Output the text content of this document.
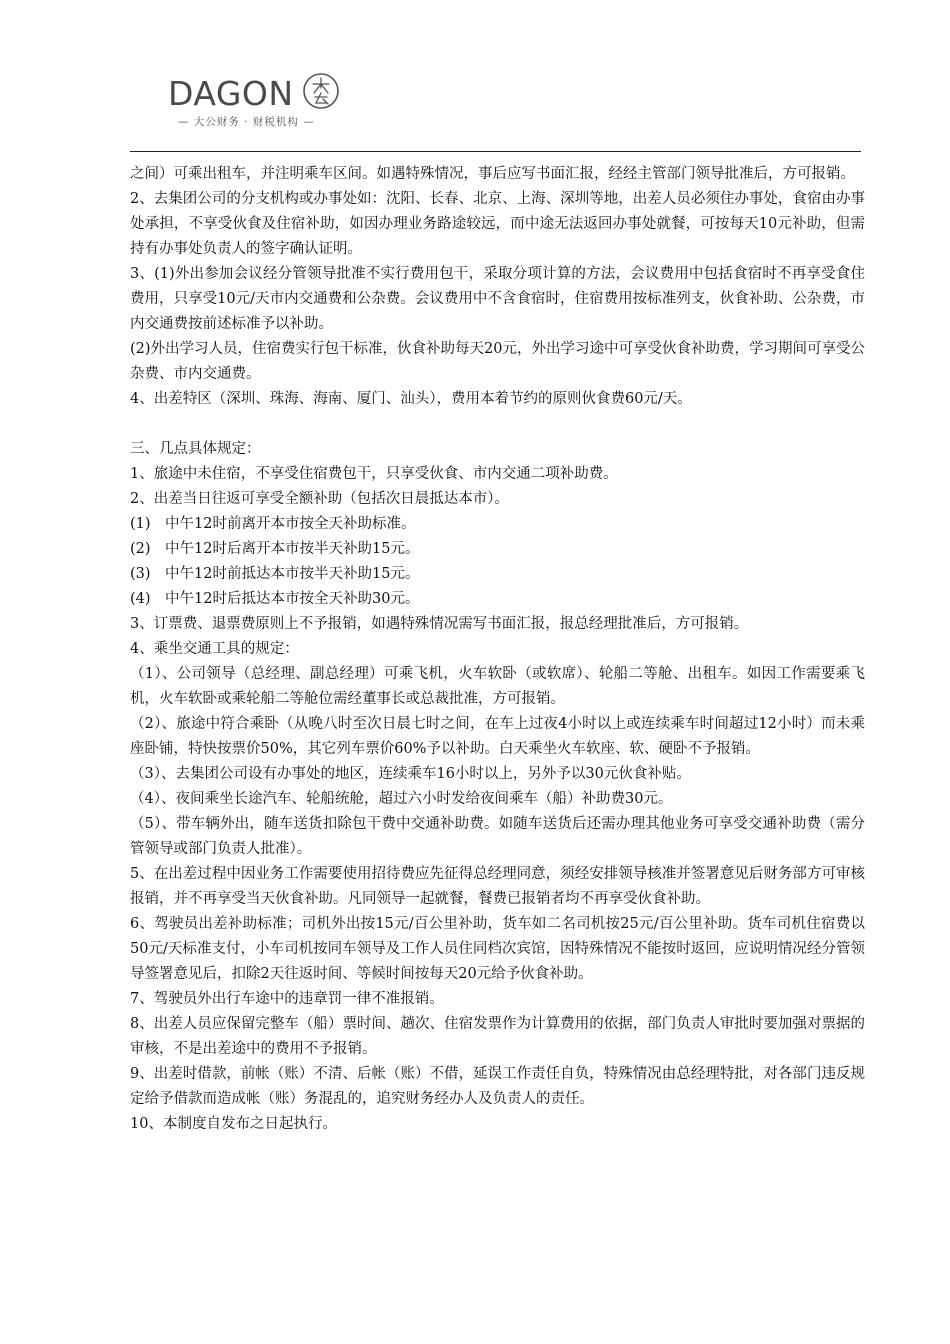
DAGON
— 大公财务 · 财税机构 —

之间）可乘出租车，并注明乘车区间。如遇特殊情况，事后应写书面汇报，经经主管部门领导批准后，方可报销。

2、去集团公司的分支机构或办事处如：沈阳、长春、北京、上海、深圳等地，出差人员必须住办事处，食宿由办事处承担，不享受伙食及住宿补助，如因办理业务路途较远，而中途无法返回办事处就餐，可按每天10元补助，但需持有办事处负责人的签字确认证明。

3、(1)外出参加会议经分管领导批准不实行费用包干，采取分项计算的方法，会议费用中包括食宿时不再享受食住费用，只享受10元/天市内交通费和公杂费。会议费用中不含食宿时，住宿费用按标准列支，伙食补助、公杂费，市内交通费按前述标准予以补助。

(2)外出学习人员，住宿费实行包干标准，伙食补助每天20元，外出学习途中可享受伙食补助费，学习期间可享受公杂费、市内交通费。

4、出差特区（深圳、珠海、海南、厦门、汕头），费用本着节约的原则伙食费60元/天。

三、几点具体规定：

1、旅途中未住宿，不享受住宿费包干，只享受伙食、市内交通二项补助费。

2、出差当日往返可享受全额补助（包括次日晨抵达本市）。

(1)　中午12时前离开本市按全天补助标准。

(2)　中午12时后离开本市按半天补助15元。

(3)　中午12时前抵达本市按半天补助15元。

(4)　中午12时后抵达本市按全天补助30元。

3、订票费、退票费原则上不予报销，如遇特殊情况需写书面汇报，报总经理批准后，方可报销。

4、乘坐交通工具的规定：

（1）、公司领导（总经理、副总经理）可乘飞机，火车软卧（或软席）、轮船二等舱、出租车。如因工作需要乘飞机，火车软卧或乘轮船二等舱位需经董事长或总裁批准，方可报销。

（2）、旅途中符合乘卧（从晚八时至次日晨七时之间，在车上过夜4小时以上或连续乘车时间超过12小时）而未乘座卧铺，特快按票价50%，其它列车票价60%予以补助。白天乘坐火车软座、软、硬卧不予报销。

（3）、去集团公司设有办事处的地区，连续乘车16小时以上，另外予以30元伙食补贴。

（4）、夜间乘坐长途汽车、轮船统舱，超过六小时发给夜间乘车（船）补助费30元。

（5）、带车辆外出，随车送货扣除包干费中交通补助费。如随车送货后还需办理其他业务可享受交通补助费（需分管领导或部门负责人批准）。

5、在出差过程中因业务工作需要使用招待费应先征得总经理同意，须经安排领导核准并签署意见后财务部方可审核报销，并不再享受当天伙食补助。凡同领导一起就餐，餐费已报销者均不再享受伙食补助。

6、驾驶员出差补助标准；司机外出按15元/百公里补助，货车如二名司机按25元/百公里补助。货车司机住宿费以50元/天标准支付，小车司机按同车领导及工作人员住同档次宾馆，因特殊情况不能按时返回，应说明情况经分管领导签署意见后，扣除2天往返时间、等候时间按每天20元给予伙食补助。

7、驾驶员外出行车途中的违章罚一律不准报销。

8、出差人员应保留完整车（船）票时间、趟次、住宿发票作为计算费用的依据，部门负责人审批时要加强对票据的审核，不是出差途中的费用不予报销。

9、出差时借款，前帐（账）不清、后帐（账）不借，延误工作责任自负，特殊情况由总经理特批，对各部门违反规定给予借款而造成帐（账）务混乱的，追究财务经办人及负责人的责任。

10、本制度自发布之日起执行。
